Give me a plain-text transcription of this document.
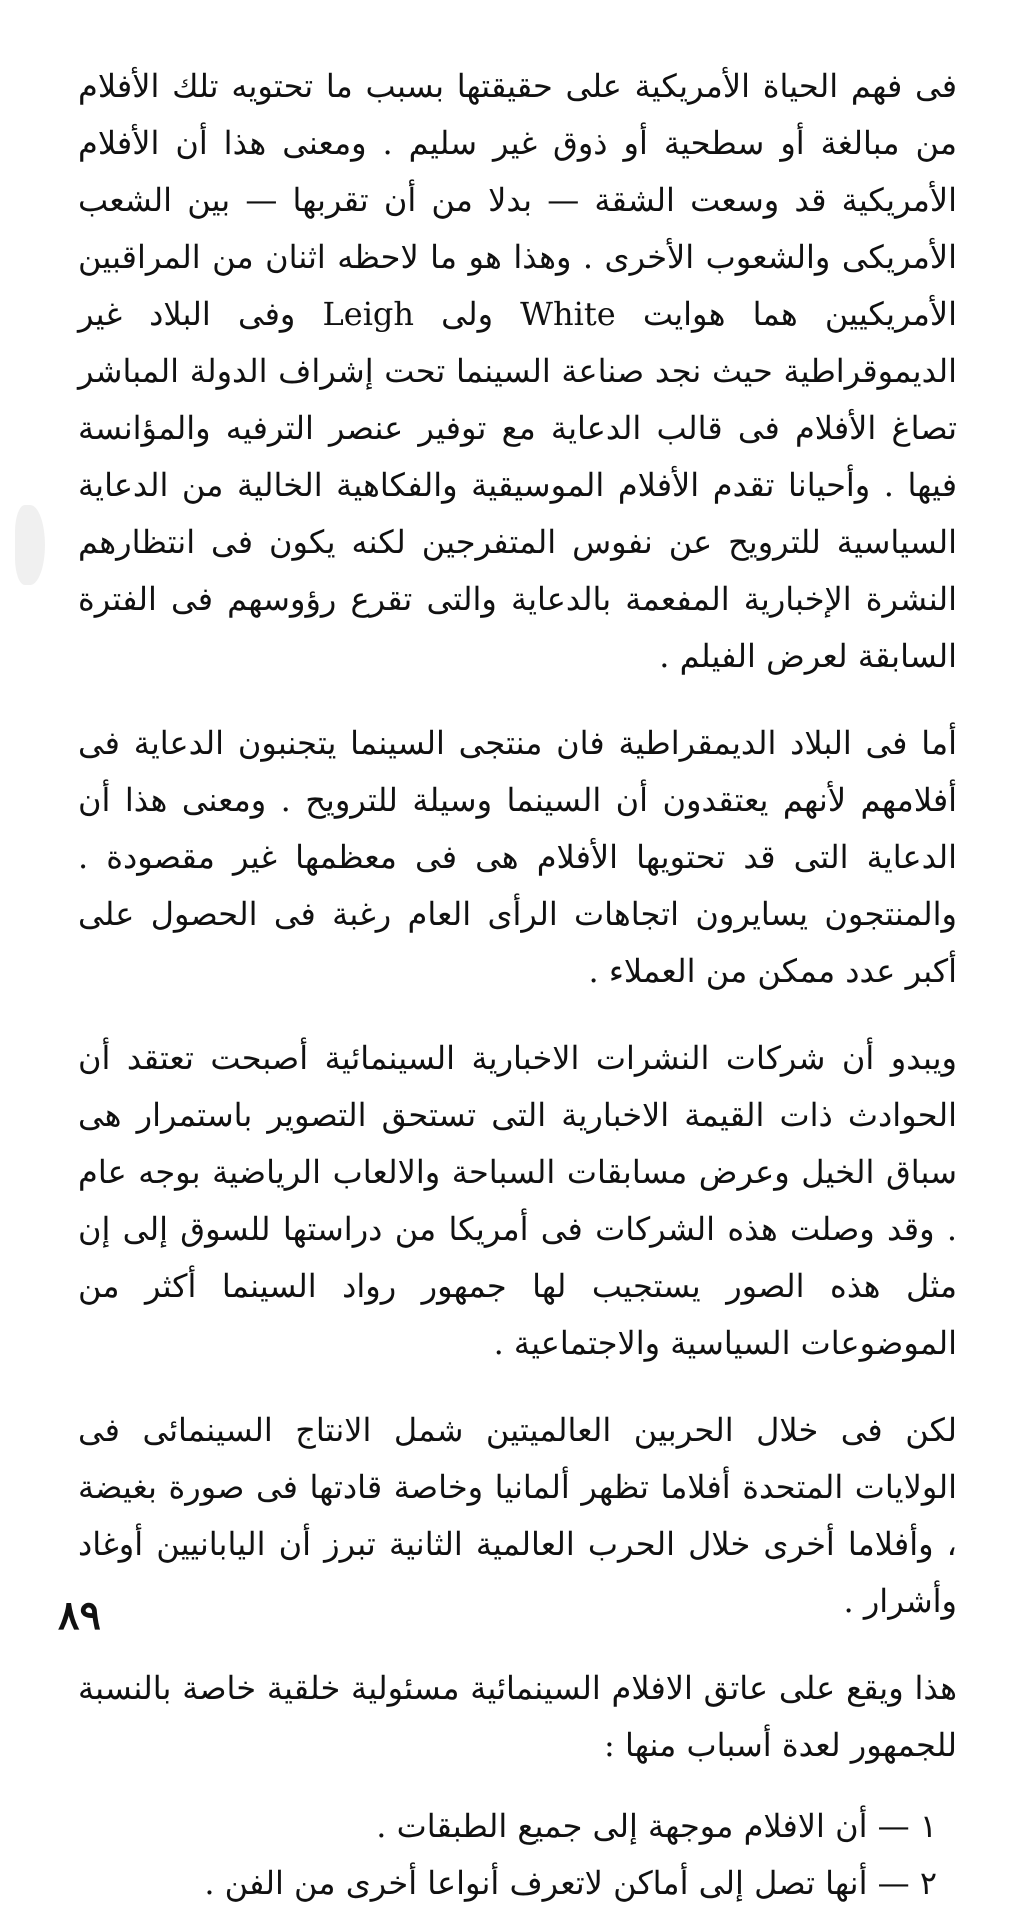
فى فهم الحياة الأمريكية على حقيقتها بسبب ما تحتويه تلك الأفلام من مبالغة أو سطحية أو ذوق غير سليم . ومعنى هذا أن الأفلام الأمريكية قد وسعت الشقة — بدلا من أن تقربها — بين الشعب الأمريكى والشعوب الأخرى . وهذا هو ما لاحظه اثنان من المراقبين الأمريكيين هما هوايت White ولى Leigh وفى البلاد غير الديموقراطية حيث نجد صناعة السينما تحت إشراف الدولة المباشر تصاغ الأفلام فى قالب الدعاية مع توفير عنصر الترفيه والمؤانسة فيها . وأحيانا تقدم الأفلام الموسيقية والفكاهية الخالية من الدعاية السياسية للترويح عن نفوس المتفرجين لكنه يكون فى انتظارهم النشرة الإخبارية المفعمة بالدعاية والتى تقرع رؤوسهم فى الفترة السابقة لعرض الفيلم .

أما فى البلاد الديمقراطية فان منتجى السينما يتجنبون الدعاية فى أفلامهم لأنهم يعتقدون أن السينما وسيلة للترويح . ومعنى هذا أن الدعاية التى قد تحتويها الأفلام هى فى معظمها غير مقصودة . والمنتجون يسايرون اتجاهات الرأى العام رغبة فى الحصول على أكبر عدد ممكن من العملاء .

ويبدو أن شركات النشرات الاخبارية السينمائية أصبحت تعتقد أن الحوادث ذات القيمة الاخبارية التى تستحق التصوير باستمرار هى سباق الخيل وعرض مسابقات السباحة والالعاب الرياضية بوجه عام . وقد وصلت هذه الشركات فى أمريكا من دراستها للسوق إلى إن مثل هذه الصور يستجيب لها جمهور رواد السينما أكثر من الموضوعات السياسية والاجتماعية .

لكن فى خلال الحربين العالميتين شمل الانتاج السينمائى فى الولايات المتحدة أفلاما تظهر ألمانيا وخاصة قادتها فى صورة بغيضة ، وأفلاما أخرى خلال الحرب العالمية الثانية تبرز أن اليابانيين أوغاد وأشرار .

هذا ويقع على عاتق الافلام السينمائية مسئولية خلقية خاصة بالنسبة للجمهور لعدة أسباب منها :

١ — أن الافلام موجهة إلى جميع الطبقات .

٢ — أنها تصل إلى أماكن لاتعرف أنواعا أخرى من الفن .

٨٩
